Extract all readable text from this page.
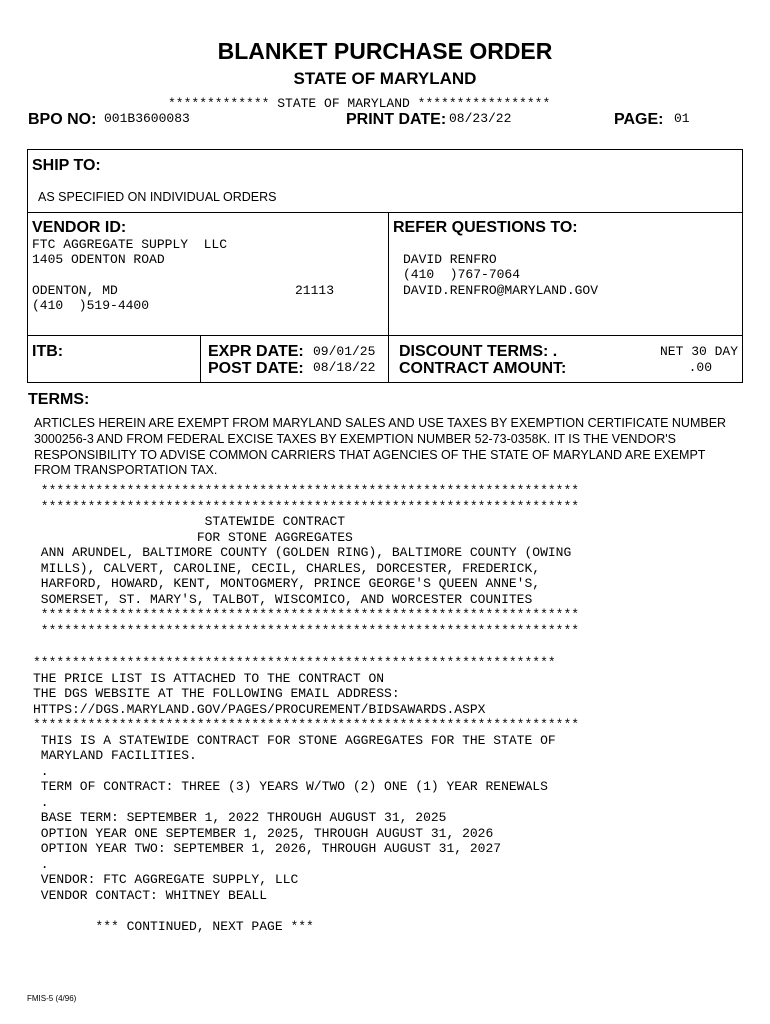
BLANKET PURCHASE ORDER
STATE OF MARYLAND
************* STATE OF MARYLAND *****************
BPO NO: 001B3600083	PRINT DATE: 08/23/22	PAGE: 01
SHIP TO:
AS SPECIFIED ON INDIVIDUAL ORDERS
VENDOR ID:
FTC AGGREGATE SUPPLY  LLC
1405 ODENTON ROAD
ODENTON, MD	21113
(410  )519-4400
REFER QUESTIONS TO:
DAVID RENFRO
(410  )767-7064
DAVID.RENFRO@MARYLAND.GOV
ITB:	EXPR DATE: 09/01/25
POST DATE: 08/18/22
DISCOUNT TERMS: .	NET 30 DAY
CONTRACT AMOUNT:	.00
TERMS:
ARTICLES HEREIN ARE EXEMPT FROM MARYLAND SALES AND USE TAXES BY EXEMPTION CERTIFICATE NUMBER 3000256-3 AND FROM FEDERAL EXCISE TAXES BY EXEMPTION NUMBER 52-73-0358K. IT IS THE VENDOR'S RESPONSIBILITY TO ADVISE COMMON CARRIERS THAT AGENCIES OF THE STATE OF MARYLAND ARE EXEMPT FROM TRANSPORTATION TAX.
*********************************************************************
*********************************************************************
STATEWIDE CONTRACT
FOR STONE AGGREGATES
ANN ARUNDEL, BALTIMORE COUNTY (GOLDEN RING), BALTIMORE COUNTY (OWING
MILLS), CALVERT, CAROLINE, CECIL, CHARLES, DORCESTER, FREDERICK,
HARFORD, HOWARD, KENT, MONTOGMERY, PRINCE GEORGE'S QUEEN ANNE'S,
SOMERSET, ST. MARY'S, TALBOT, WISCOMICO, AND WORCESTER COUNITES
*********************************************************************
*********************************************************************
*******************************************************************
THE PRICE LIST IS ATTACHED TO THE CONTRACT ON
THE DGS WEBSITE AT THE FOLLOWING EMAIL ADDRESS:
HTTPS://DGS.MARYLAND.GOV/PAGES/PROCUREMENT/BIDSAWARDS.ASPX
**********************************************************************
THIS IS A STATEWIDE CONTRACT FOR STONE AGGREGATES FOR THE STATE OF
MARYLAND FACILITIES.
.
TERM OF CONTRACT: THREE (3) YEARS W/TWO (2) ONE (1) YEAR RENEWALS
.
BASE TERM: SEPTEMBER 1, 2022 THROUGH AUGUST 31, 2025
OPTION YEAR ONE SEPTEMBER 1, 2025, THROUGH AUGUST 31, 2026
OPTION YEAR TWO: SEPTEMBER 1, 2026, THROUGH AUGUST 31, 2027
.
VENDOR: FTC AGGREGATE SUPPLY, LLC
VENDOR CONTACT: WHITNEY BEALL

*** CONTINUED, NEXT PAGE ***
FMIS-5 (4/96)
